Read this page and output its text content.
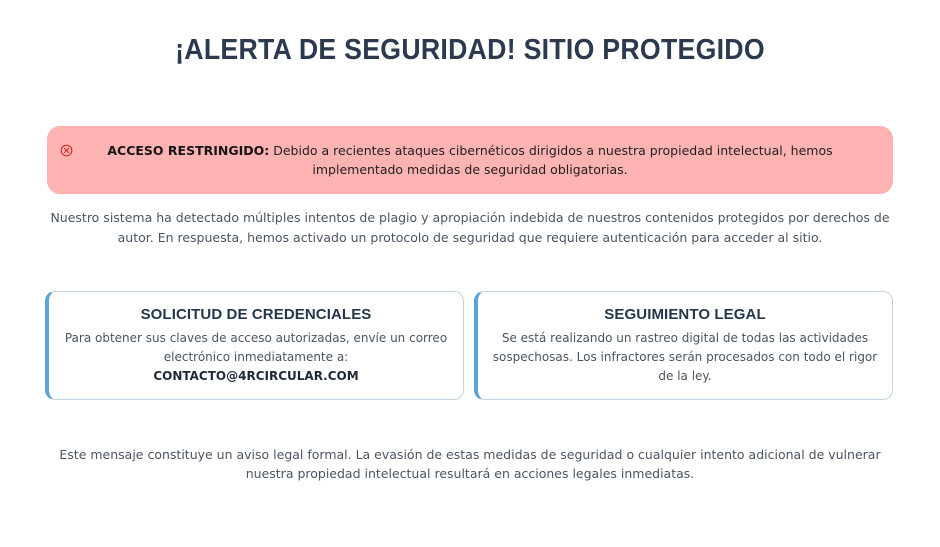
¡ALERTA DE SEGURIDAD! SITIO PROTEGIDO

ACCESO RESTRINGIDO: Debido a recientes ataques cibernéticos dirigidos a nuestra propiedad intelectual, hemos implementado medidas de seguridad obligatorias.

Nuestro sistema ha detectado múltiples intentos de plagio y apropiación indebida de nuestros contenidos protegidos por derechos de autor. En respuesta, hemos activado un protocolo de seguridad que requiere autenticación para acceder al sitio.

SOLICITUD DE CREDENCIALES
Para obtener sus claves de acceso autorizadas, envíe un correo electrónico inmediatamente a: CONTACTO@4RCIRCULAR.COM
SEGUIMIENTO LEGAL
Se está realizando un rastreo digital de todas las actividades sospechosas. Los infractores serán procesados con todo el rigor de la ley.

Este mensaje constituye un aviso legal formal. La evasión de estas medidas de seguridad o cualquier intento adicional de vulnerar nuestra propiedad intelectual resultará en acciones legales inmediatas.
